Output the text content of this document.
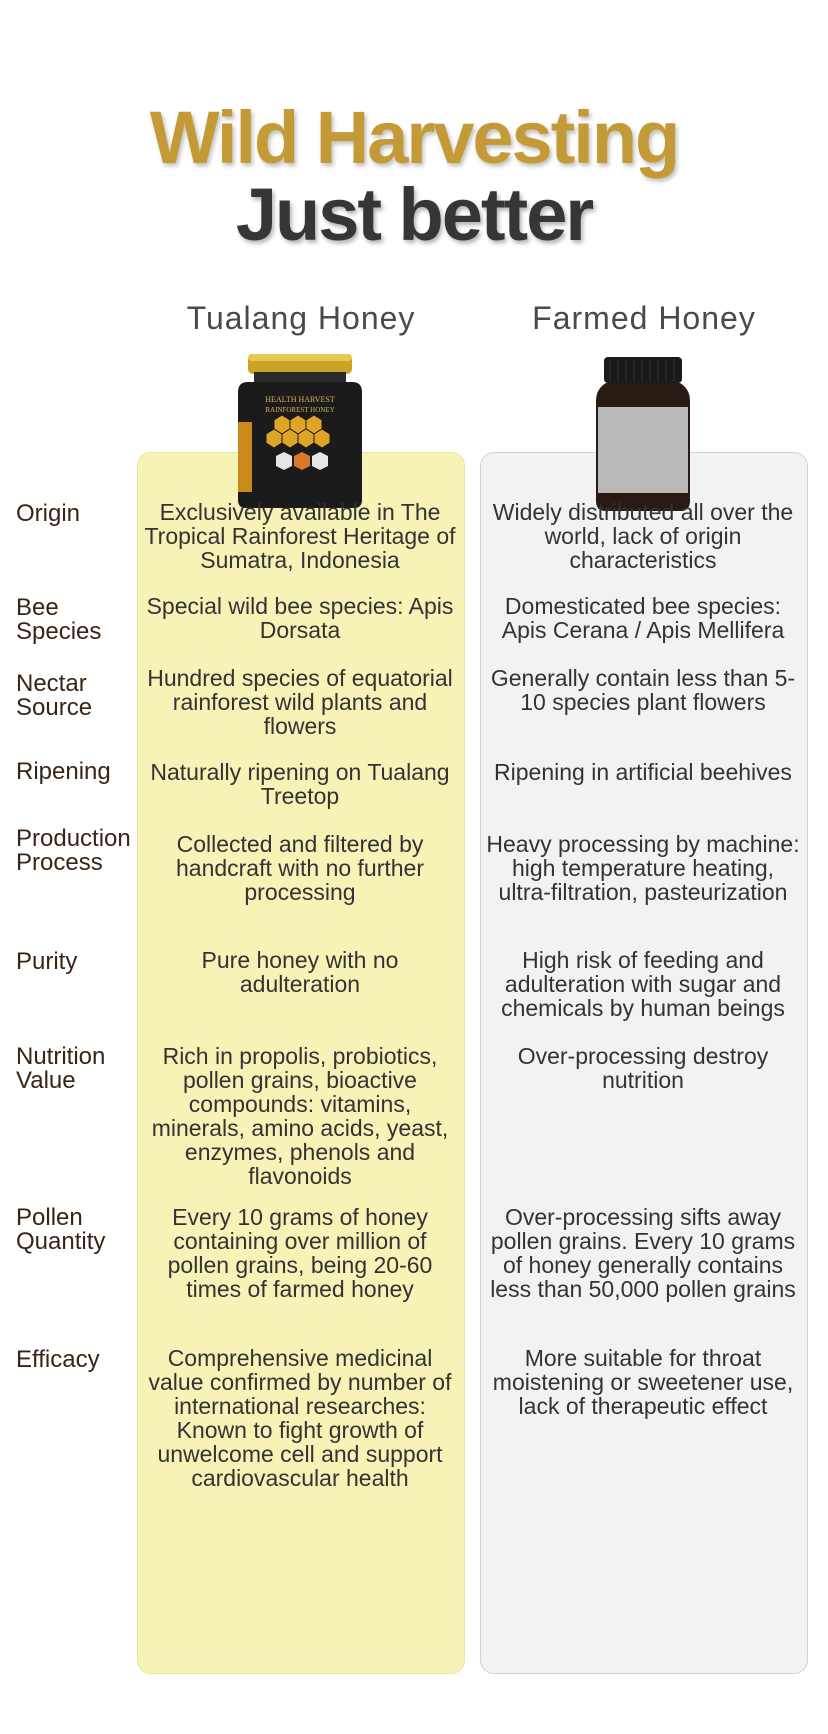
Wild Harvesting
Just better
Tualang Honey	Farmed Honey
HEALTH HARVEST
RAINFOREST HONEY
Origin
Bee Species
Nectar Source
Ripening
Production Process
Purity
Nutrition Value
Pollen Quantity
Efficacy
Exclusively available in The Tropical Rainforest Heritage of Sumatra, Indonesia
Special wild bee species: Apis Dorsata
Hundred species of equatorial rainforest wild plants and flowers
Naturally ripening on Tualang Treetop
Collected and filtered by handcraft with no further processing
Pure honey with no adulteration
Rich in propolis, probiotics, pollen grains, bioactive compounds: vitamins, minerals, amino acids, yeast, enzymes, phenols and flavonoids
Every 10 grams of honey containing over million of pollen grains, being 20-60 times of farmed honey
Comprehensive medicinal value confirmed by number of international researches: Known to fight growth of unwelcome cell and support cardiovascular health
Widely distributed all over the world, lack of origin characteristics
Domesticated bee species: Apis Cerana / Apis Mellifera
Generally contain less than 5-10 species plant flowers
Ripening in artificial beehives
Heavy processing by machine: high temperature heating, ultra-filtration, pasteurization
High risk of feeding and adulteration with sugar and chemicals by human beings
Over-processing destroy nutrition
Over-processing sifts away pollen grains. Every 10 grams of honey generally contains less than 50,000 pollen grains
More suitable for throat moistening or sweetener use, lack of therapeutic effect
